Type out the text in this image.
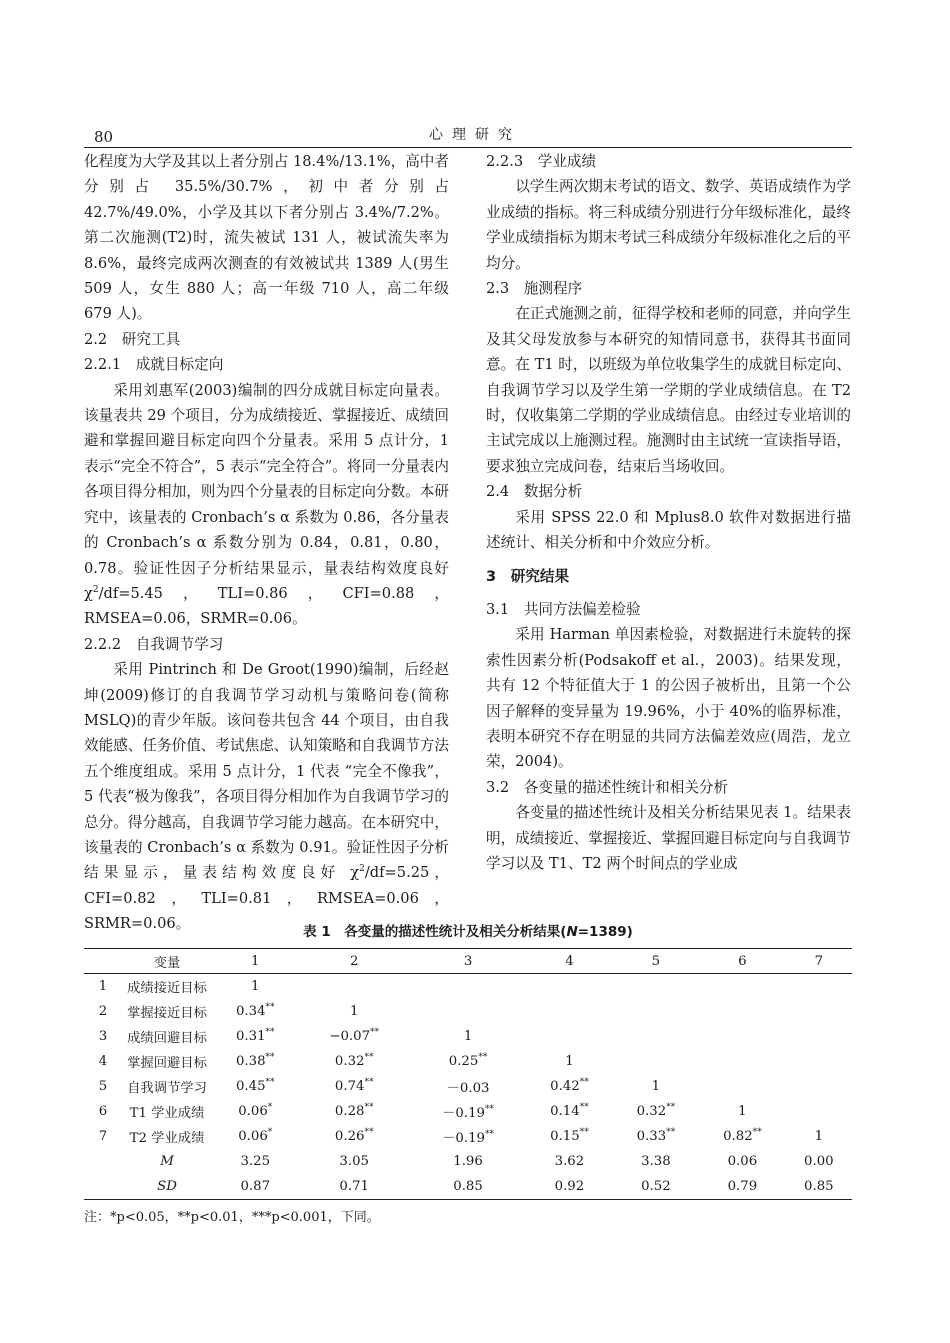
80	心理研究

化程度为大学及其以上者分别占 18.4%/13.1%，高中者分别占 35.5%/30.7%，初中者分别占 42.7%/49.0%，小学及其以下者分别占 3.4%/7.2%。第二次施测(T2)时，流失被试 131 人，被试流失率为 8.6%，最终完成两次测查的有效被试共 1389 人(男生 509 人，女生 880 人；高一年级 710 人，高二年级 679 人)。

2.2　研究工具

2.2.1　成就目标定向

采用刘惠军(2003)编制的四分成就目标定向量表。该量表共 29 个项目，分为成绩接近、掌握接近、成绩回避和掌握回避目标定向四个分量表。采用 5 点计分，1 表示“完全不符合”，5 表示“完全符合”。将同一分量表内各项目得分相加，则为四个分量表的目标定向分数。本研究中，该量表的 Cronbach’s α 系数为 0.86，各分量表的 Cronbach’s α 系数分别为 0.84，0.81，0.80，0.78。验证性因子分析结果显示，量表结构效度良好 $\chi^2/df=5.45$，TLI=0.86，CFI=0.88，RMSEA=0.06，SRMR=0.06。

2.2.2　自我调节学习

采用 Pintrinch 和 De Groot(1990)编制，后经赵坤(2009)修订的自我调节学习动机与策略问卷(简称 MSLQ)的青少年版。该问卷共包含 44 个项目，由自我效能感、任务价值、考试焦虑、认知策略和自我调节方法五个维度组成。采用 5 点计分，1 代表 “完全不像我”，5 代表“极为像我”，各项目得分相加作为自我调节学习的总分。得分越高，自我调节学习能力越高。在本研究中，该量表的 Cronbach’s α 系数为 0.91。验证性因子分析结果显示，量表结构效度良好 $\chi^2/df=5.25$，CFI=0.82，TLI=0.81，RMSEA=0.06，SRMR=0.06。

2.2.3　学业成绩

以学生两次期末考试的语文、数学、英语成绩作为学业成绩的指标。将三科成绩分别进行分年级标准化，最终学业成绩指标为期末考试三科成绩分年级标准化之后的平均分。

2.3　施测程序

在正式施测之前，征得学校和老师的同意，并向学生及其父母发放参与本研究的知情同意书，获得其书面同意。在 T1 时，以班级为单位收集学生的成就目标定向、自我调节学习以及学生第一学期的学业成绩信息。在 T2 时，仅收集第二学期的学业成绩信息。由经过专业培训的主试完成以上施测过程。施测时由主试统一宣读指导语，要求独立完成问卷，结束后当场收回。

2.4　数据分析

采用 SPSS 22.0 和 Mplus8.0 软件对数据进行描述统计、相关分析和中介效应分析。

3　研究结果

3.1　共同方法偏差检验

采用 Harman 单因素检验，对数据进行未旋转的探索性因素分析(Podsakoff et al.，2003)。结果发现，共有 12 个特征值大于 1 的公因子被析出，且第一个公因子解释的变异量为 19.96%，小于 40%的临界标准，表明本研究不存在明显的共同方法偏差效应(周浩，龙立荣，2004)。

3.2　各变量的描述性统计和相关分析

各变量的描述性统计及相关分析结果见表 1。结果表明，成绩接近、掌握接近、掌握回避目标定向与自我调节学习以及 T1、T2 两个时间点的学业成

表 1　各变量的描述性统计及相关分析结果(N=1389)
	变量	1	2	3	4	5	6	7
1	成绩接近目标	1						
2	掌握接近目标	0.34**	1					
3	成绩回避目标	0.31**	−0.07**	1				
4	掌握回避目标	0.38**	0.32**	0.25**	1			
5	自我调节学习	0.45**	0.74**	－0.03	0.42**	1		
6	T1 学业成绩	0.06*	0.28**	－0.19**	0.14**	0.32**	1	
7	T2 学业成绩	0.06*	0.26**	－0.19**	0.15**	0.33**	0.82**	1
	M	3.25	3.05	1.96	3.62	3.38	0.06	0.00
	SD	0.87	0.71	0.85	0.92	0.52	0.79	0.85
注：*p<0.05，**p<0.01，***p<0.001，下同。
